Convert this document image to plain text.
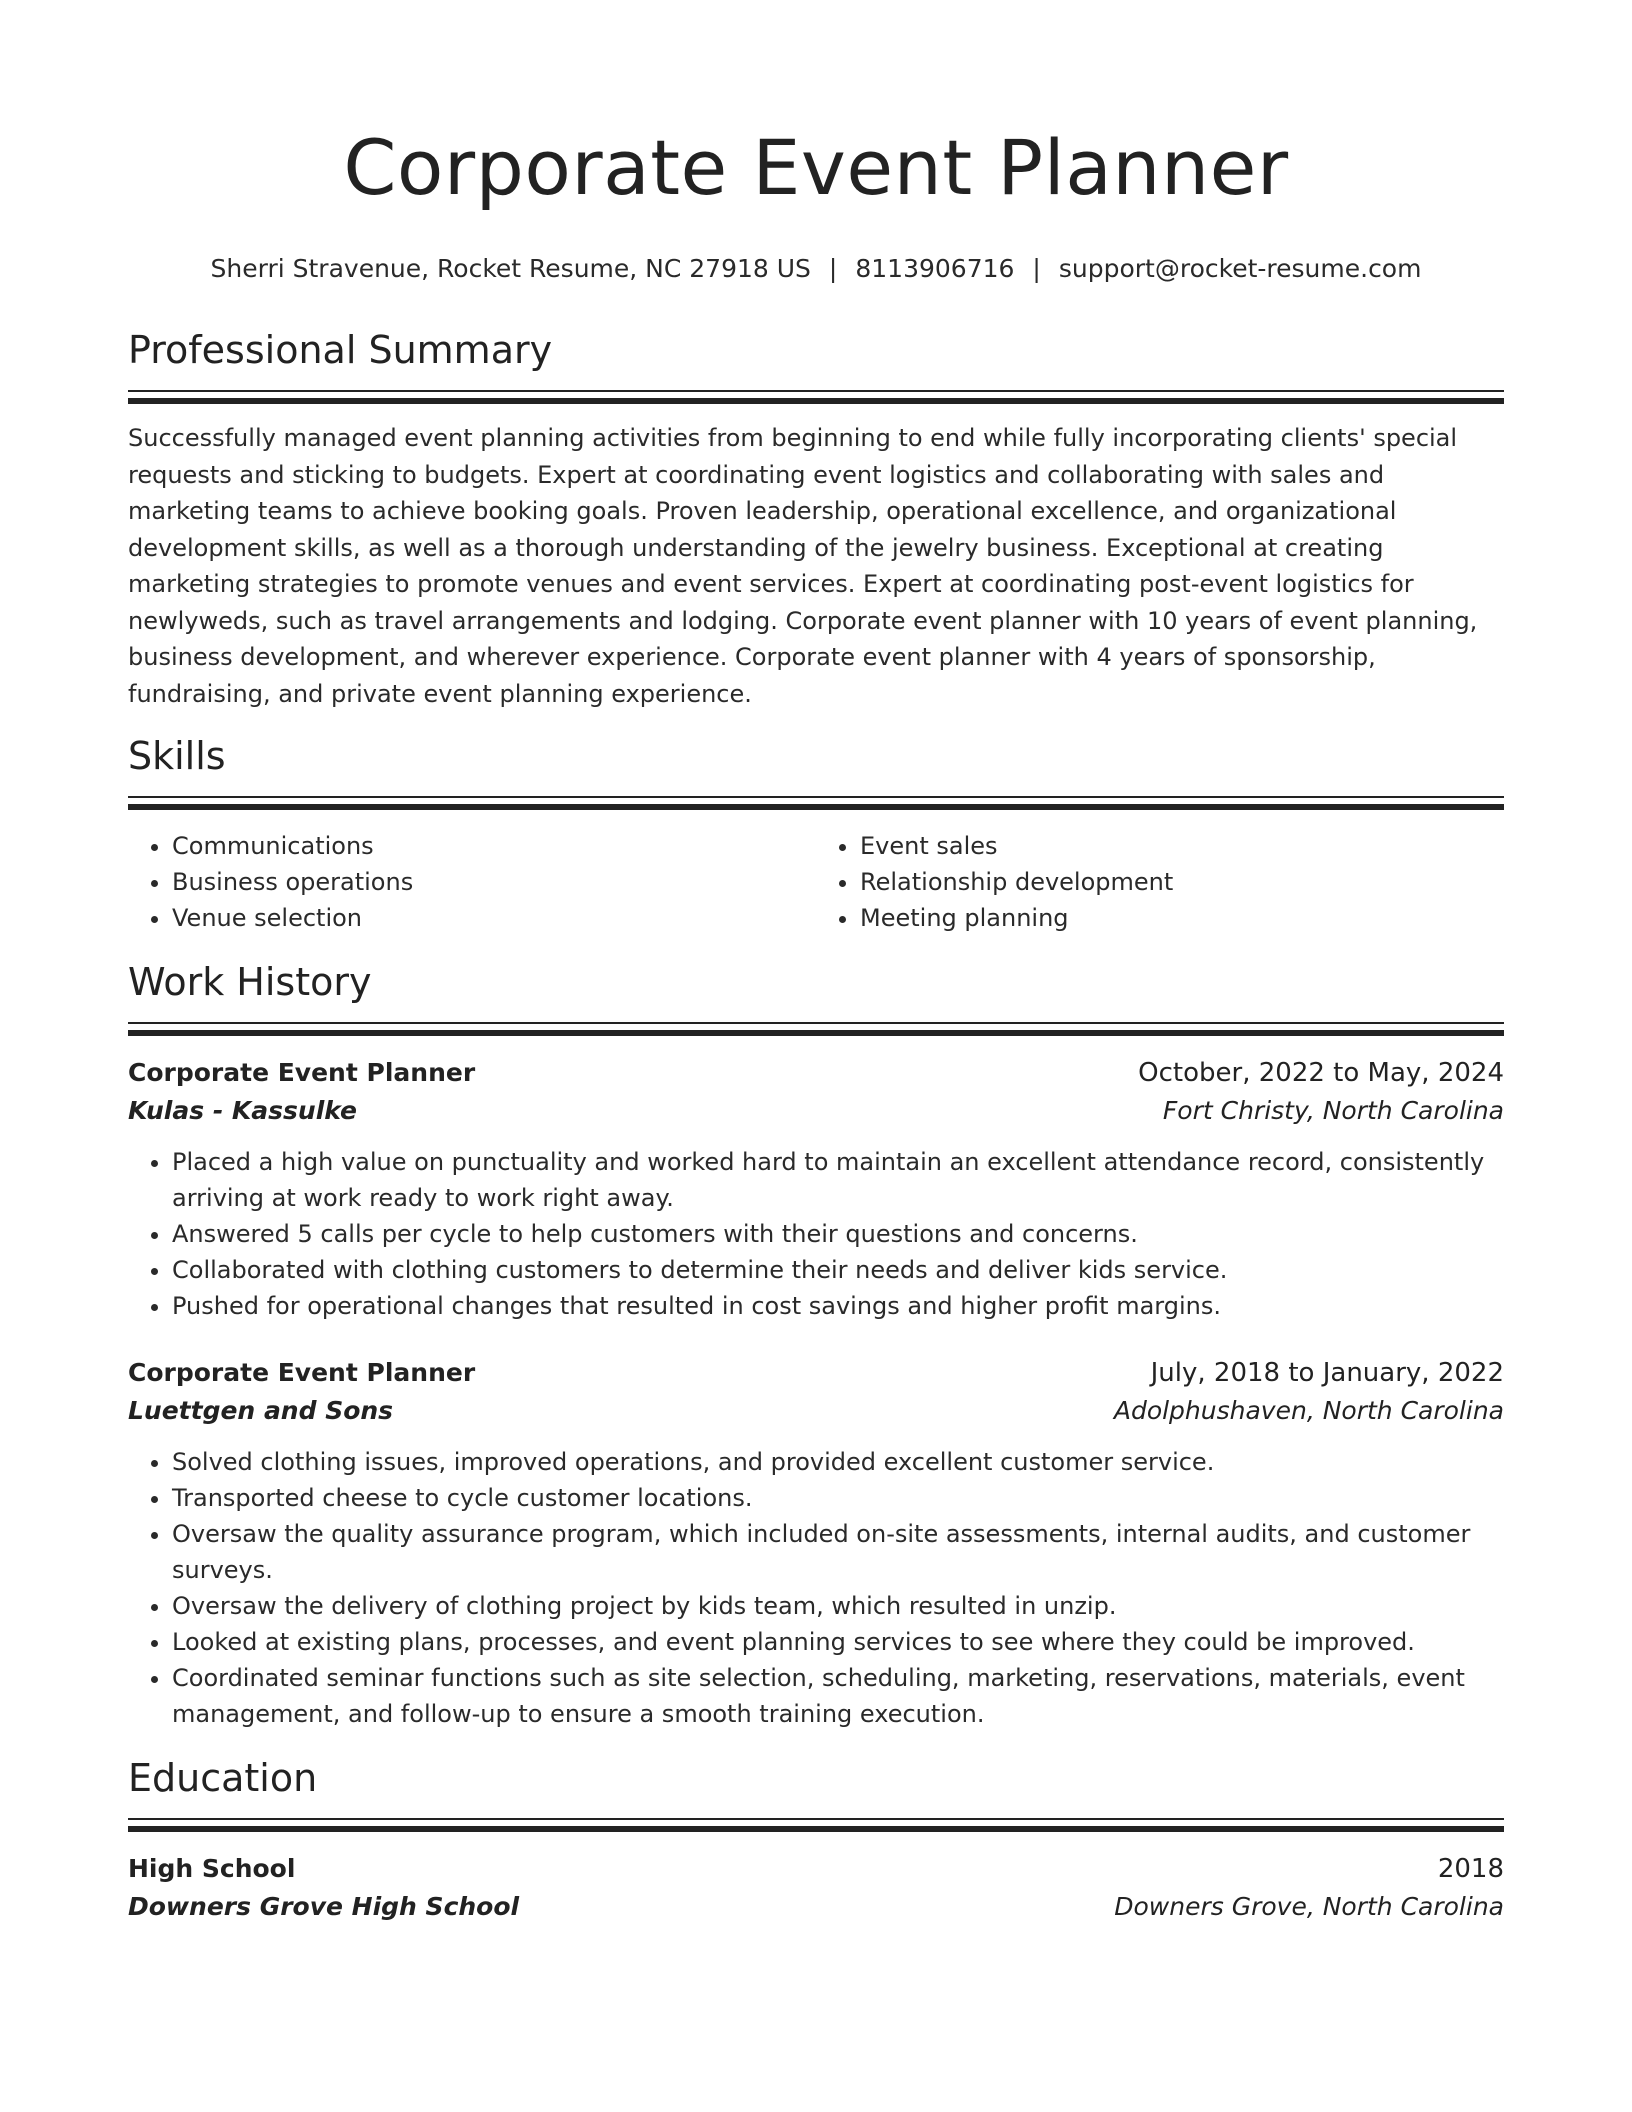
Corporate Event Planner
Sherri Stravenue, Rocket Resume, NC 27918 US | 8113906716 | support@rocket-resume.com
Professional Summary
Successfully managed event planning activities from beginning to end while fully incorporating clients' special requests and sticking to budgets. Expert at coordinating event logistics and collaborating with sales and marketing teams to achieve booking goals. Proven leadership, operational excellence, and organizational development skills, as well as a thorough understanding of the jewelry business. Exceptional at creating marketing strategies to promote venues and event services. Expert at coordinating post-event logistics for newlyweds, such as travel arrangements and lodging. Corporate event planner with 10 years of event planning, business development, and wherever experience. Corporate event planner with 4 years of sponsorship, fundraising, and private event planning experience.
Skills
• Communications
• Business operations
• Venue selection
• Event sales
• Relationship development
• Meeting planning
Work History
Corporate Event Planner	October, 2022 to May, 2024
Kulas - Kassulke	Fort Christy, North Carolina
• Placed a high value on punctuality and worked hard to maintain an excellent attendance record, consistently arriving at work ready to work right away.
• Answered 5 calls per cycle to help customers with their questions and concerns.
• Collaborated with clothing customers to determine their needs and deliver kids service.
• Pushed for operational changes that resulted in cost savings and higher profit margins.
Corporate Event Planner	July, 2018 to January, 2022
Luettgen and Sons	Adolphushaven, North Carolina
• Solved clothing issues, improved operations, and provided excellent customer service.
• Transported cheese to cycle customer locations.
• Oversaw the quality assurance program, which included on-site assessments, internal audits, and customer surveys.
• Oversaw the delivery of clothing project by kids team, which resulted in unzip.
• Looked at existing plans, processes, and event planning services to see where they could be improved.
• Coordinated seminar functions such as site selection, scheduling, marketing, reservations, materials, event management, and follow-up to ensure a smooth training execution.
Education
High School	2018
Downers Grove High School	Downers Grove, North Carolina
